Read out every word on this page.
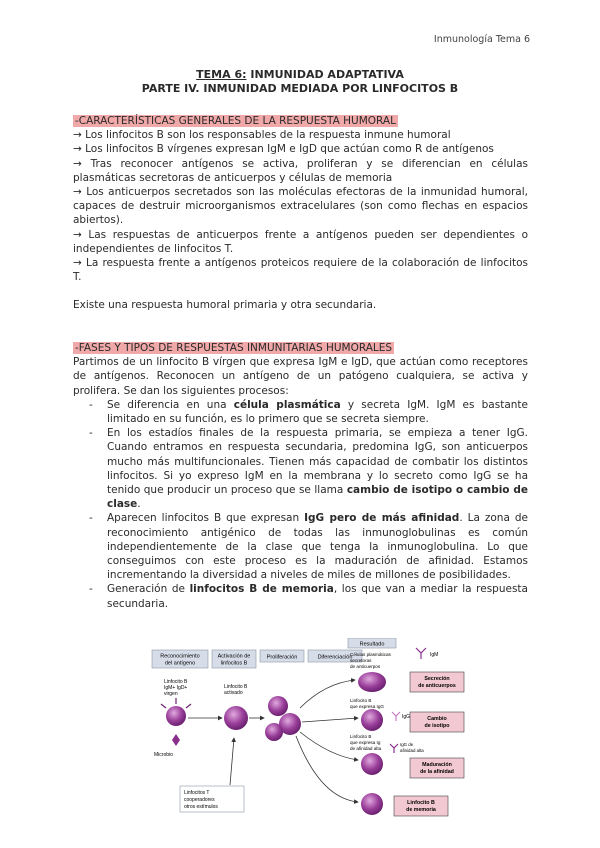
Inmunología Tema 6
TEMA 6: INMUNIDAD ADAPTATIVA
PARTE IV. INMUNIDAD MEDIADA POR LINFOCITOS B
-CARACTERÍSTICAS GENERALES DE LA RESPUESTA HUMORAL

→ Los linfocitos B son los responsables de la respuesta inmune humoral

→ Los linfocitos B vírgenes expresan IgM e IgD que actúan como R de antígenos

→ Tras reconocer antígenos se activa, proliferan y se diferencian en células plasmáticas secretoras de anticuerpos y células de memoria

→ Los anticuerpos secretados son las moléculas efectoras de la inmunidad humoral, capaces de destruir microorganismos extracelulares (son como flechas en espacios abiertos).

→ Las respuestas de anticuerpos frente a antígenos pueden ser dependientes o independientes de linfocitos T.

→ La respuesta frente a antígenos proteicos requiere de la colaboración de linfocitos T.

Existe una respuesta humoral primaria y otra secundaria.

-FASES Y TIPOS DE RESPUESTAS INMUNITARIAS HUMORALES

Partimos de un linfocito B vírgen que expresa IgM e IgD, que actúan como receptores de antígenos. Reconocen un antígeno de un patógeno cualquiera, se activa y prolifera. Se dan los siguientes procesos:

- Se diferencia en una célula plasmática y secreta IgM. IgM es bastante limitado en su función, es lo primero que se secreta siempre.
- En los estadíos finales de la respuesta primaria, se empieza a tener IgG. Cuando entramos en respuesta secundaria, predomina IgG, son anticuerpos mucho más multifuncionales. Tienen más capacidad de combatir los distintos linfocitos. Si yo expreso IgM en la membrana y lo secreto como IgG se ha tenido que producir un proceso que se llama cambio de isotipo o cambio de clase.
- Aparecen linfocitos B que expresan IgG pero de más afinidad. La zona de reconocimiento antigénico de todas las inmunoglobulinas es común independientemente de la clase que tenga la inmunoglobulina. Lo que conseguimos con este proceso es la maduración de afinidad. Estamos incrementando la diversidad a niveles de miles de millones de posibilidades.
- Generación de linfocitos B de memoria, los que van a mediar la respuesta secundaria.
Reconocimiento
del antígeno
Activación de
linfocitos B
Proliferación	Diferenciación
Resultado
Linfocito B
IgM+ IgD+
virgen
Microbio
Linfocito B
activado
Linfocitos T
cooperadores
otros estímulos
Células plasmáticas
secretoras
de anticuerpos
IgM
Secreción
de anticuerpos
Linfocito B
que expresa IgG
IgG	Cambio
de isotipo
Linfocito B
que expresa Ig
de afinidad alta
IgG de
afinidad alta
Maduración
de la afinidad
Linfocito B
de memoria
